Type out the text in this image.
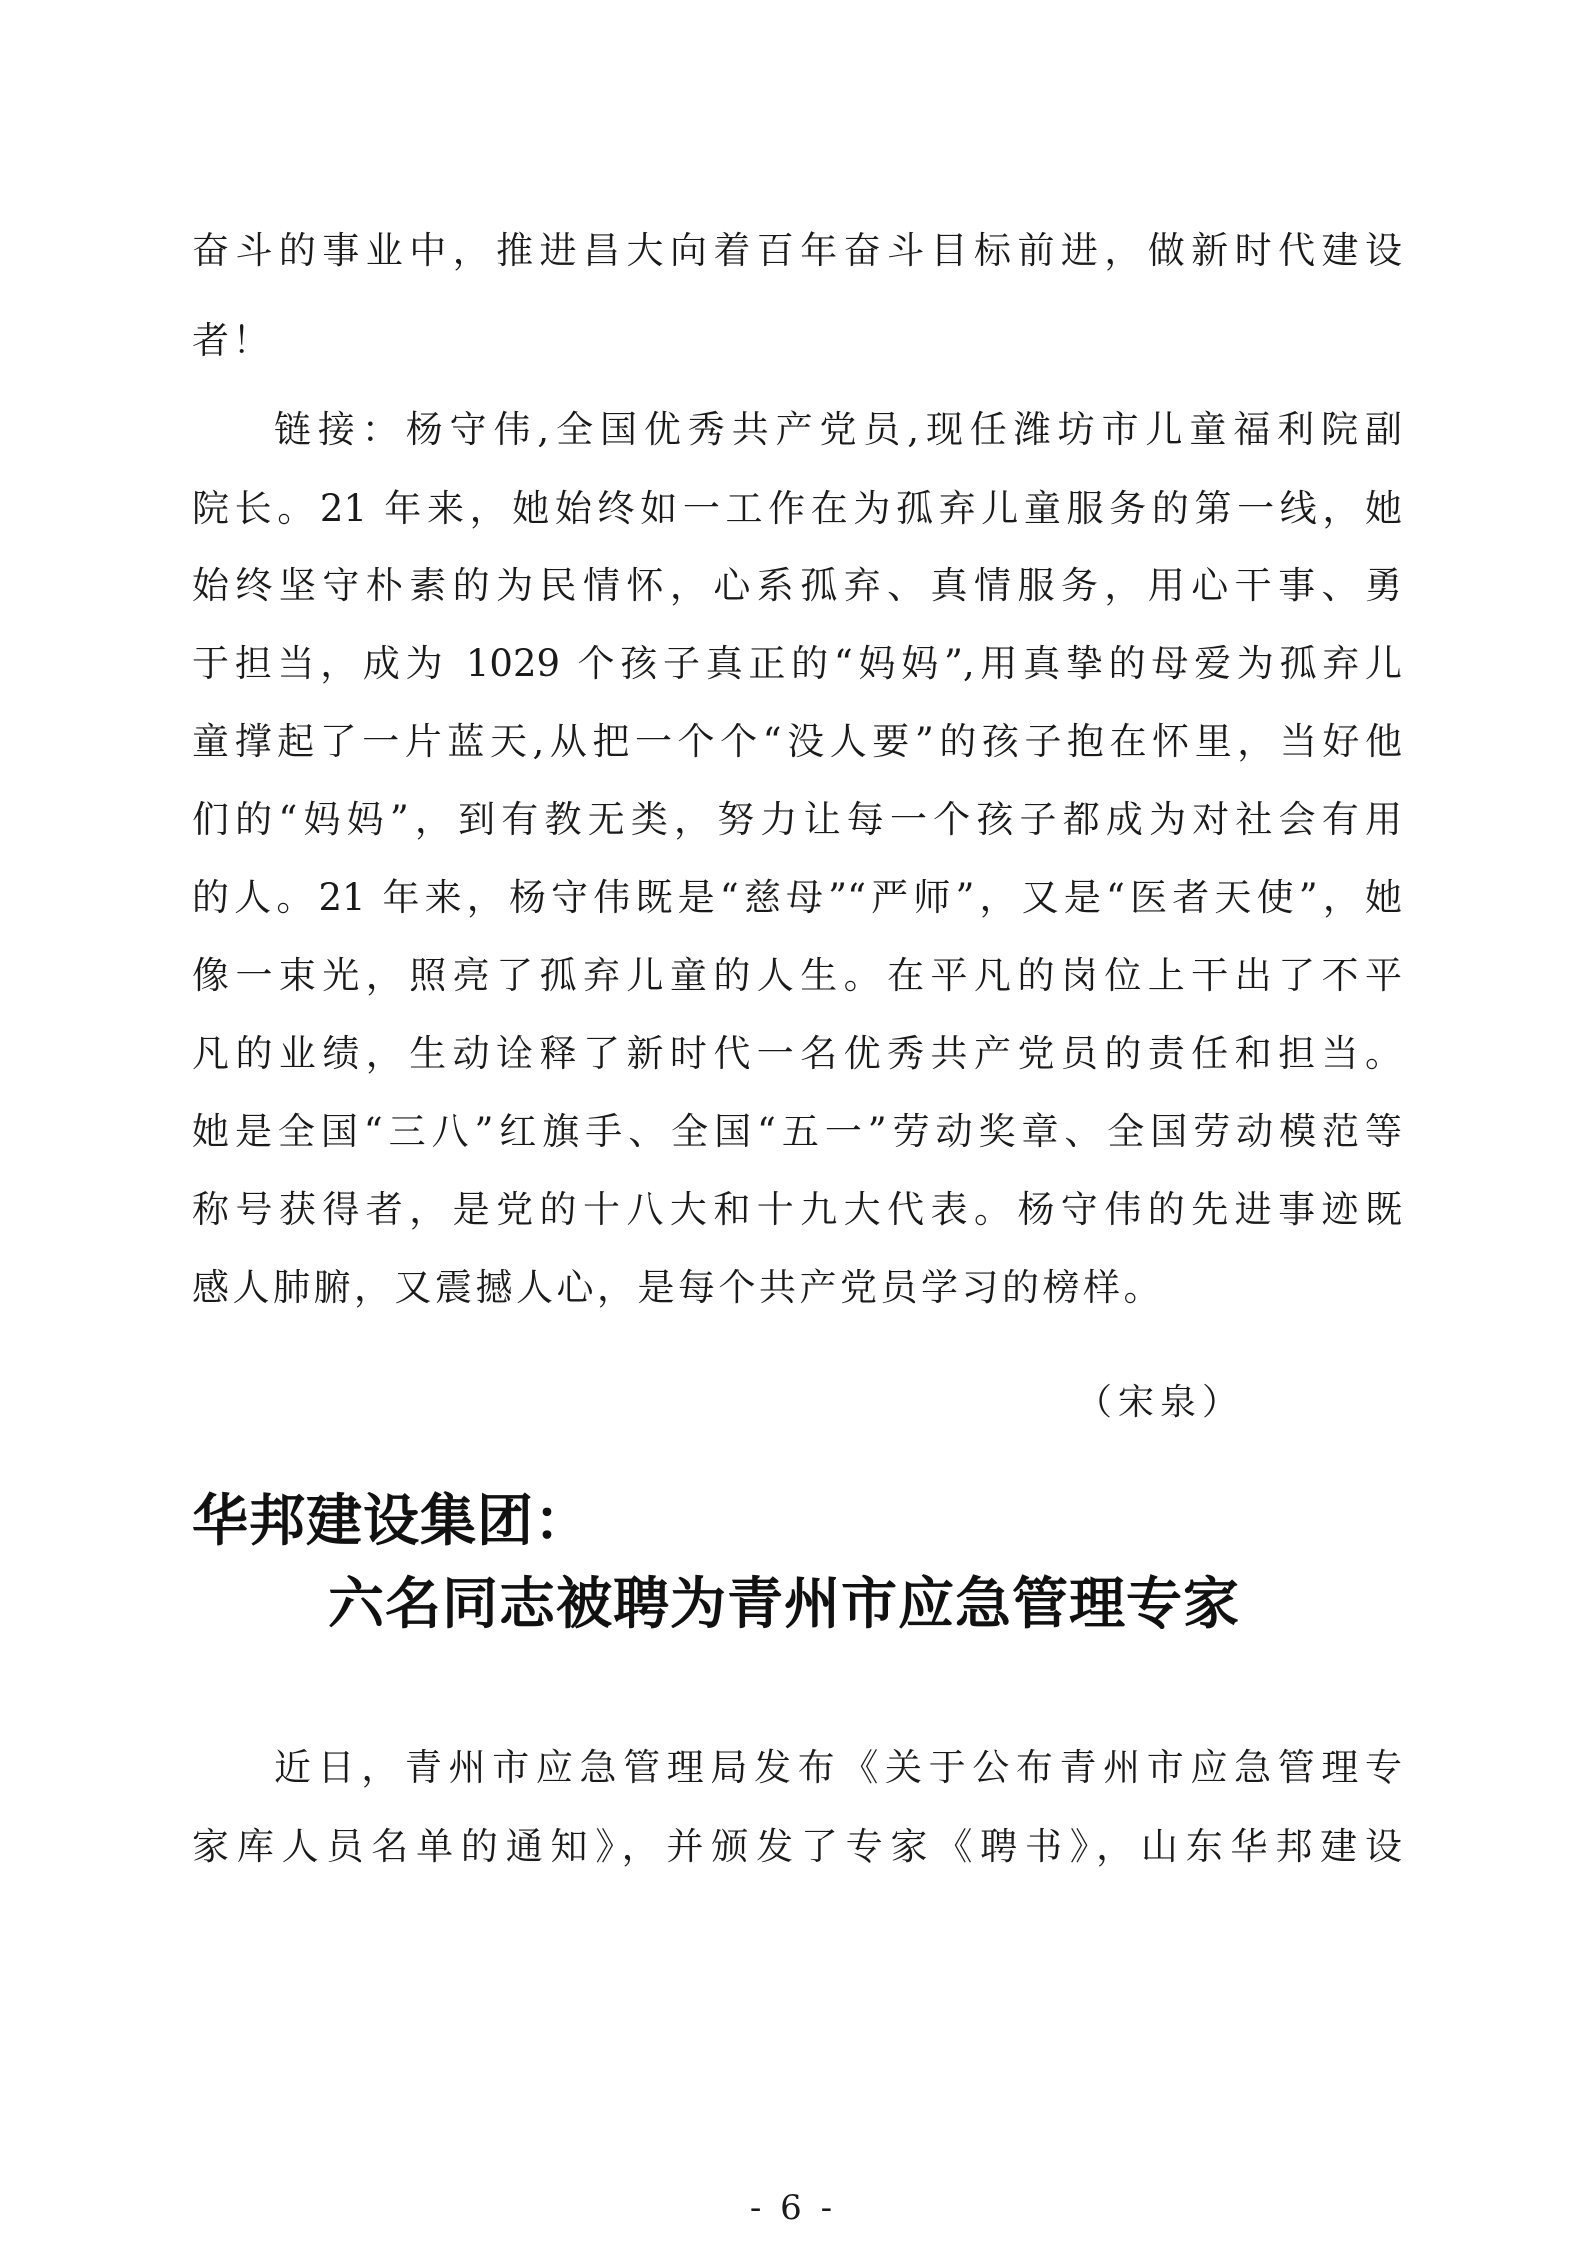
奋斗的事业中，推进昌大向着百年奋斗目标前进，做新时代建设
者！
链接：杨守伟,全国优秀共产党员,现任潍坊市儿童福利院副
院长。21 年来，她始终如一工作在为孤弃儿童服务的第一线，她
始终坚守朴素的为民情怀，心系孤弃、真情服务，用心干事、勇
于担当，成为 1029 个孩子真正的“妈妈”,用真挚的母爱为孤弃儿
童撑起了一片蓝天,从把一个个“没人要”的孩子抱在怀里，当好他
们的“妈妈”，到有教无类，努力让每一个孩子都成为对社会有用
的人。21 年来，杨守伟既是“慈母”“严师”，又是“医者天使”，她
像一束光，照亮了孤弃儿童的人生。在平凡的岗位上干出了不平
凡的业绩，生动诠释了新时代一名优秀共产党员的责任和担当。
她是全国“三八”红旗手、全国“五一”劳动奖章、全国劳动模范等
称号获得者，是党的十八大和十九大代表。杨守伟的先进事迹既
感人肺腑，又震撼人心，是每个共产党员学习的榜样。
（宋泉）
华邦建设集团：
六名同志被聘为青州市应急管理专家
近日，青州市应急管理局发布《关于公布青州市应急管理专
家库人员名单的通知》，并颁发了专家《聘书》，山东华邦建设
- 6 -
